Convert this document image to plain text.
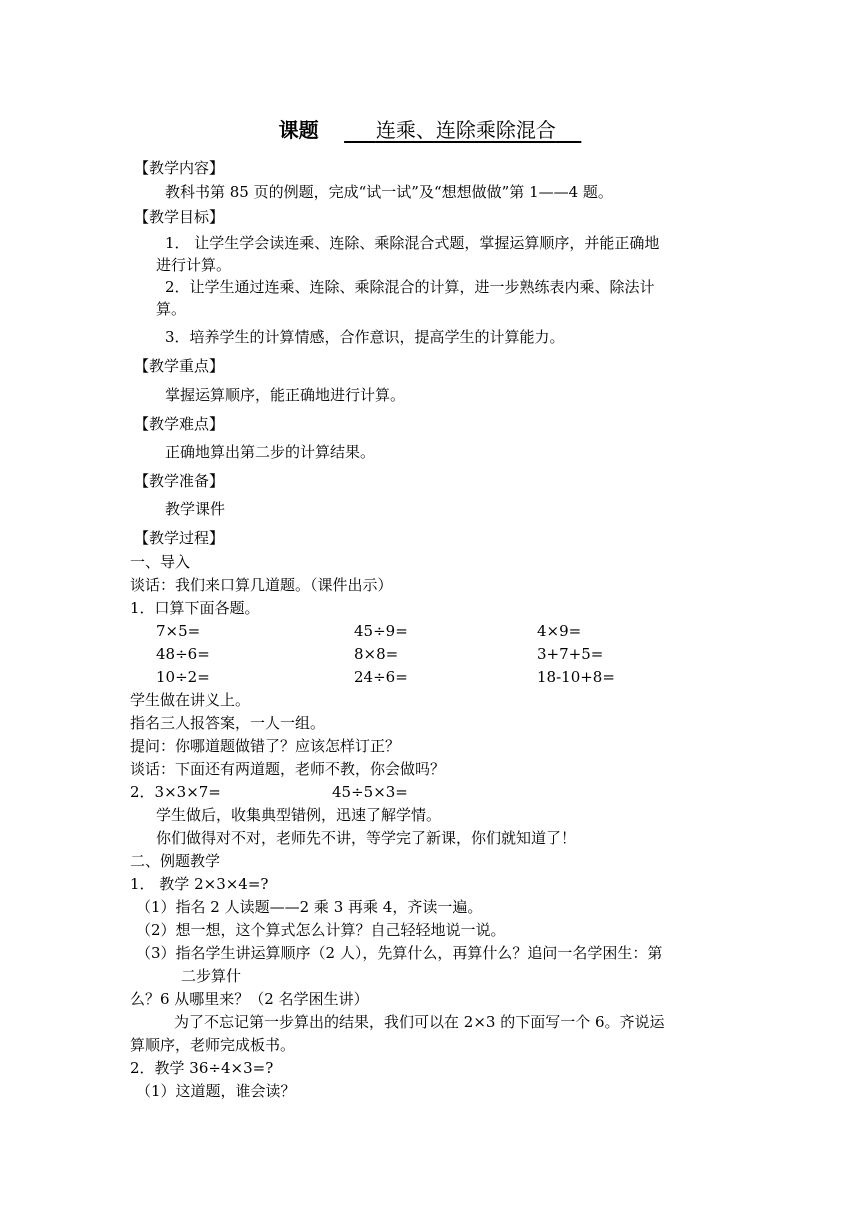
课题	连乘、连除乘除混合
【教学内容】
教科书第 85 页的例题，完成“试一试”及“想想做做”第 1——4 题。
【教学目标】
1． 让学生学会读连乘、连除、乘除混合式题，掌握运算顺序，并能正确地
进行计算。
2．让学生通过连乘、连除、乘除混合的计算，进一步熟练表内乘、除法计
算。
3．培养学生的计算情感，合作意识，提高学生的计算能力。
【教学重点】
掌握运算顺序，能正确地进行计算。
【教学难点】
正确地算出第二步的计算结果。
【教学准备】
教学课件
【教学过程】
一、导入
谈话：我们来口算几道题。（课件出示）
1．口算下面各题。
7×5=	45÷9=	4×9=
48÷6=	8×8=	3+7+5=
10÷2=	24÷6=	18-10+8=
学生做在讲义上。
指名三人报答案，一人一组。
提问：你哪道题做错了？应该怎样订正？
谈话：下面还有两道题，老师不教，你会做吗？
2．3×3×7=	45÷5×3=
学生做后，收集典型错例，迅速了解学情。
你们做得对不对，老师先不讲，等学完了新课，你们就知道了！
二、例题教学
1． 教学 2×3×4=?
（1）指名 2 人读题——2 乘 3 再乘 4，齐读一遍。
（2）想一想，这个算式怎么计算？自己轻轻地说一说。
（3）指名学生讲运算顺序（2 人），先算什么，再算什么？追问一名学困生：第
二步算什
么？6 从哪里来？（2 名学困生讲）
为了不忘记第一步算出的结果，我们可以在 2×3 的下面写一个 6。齐说运
算顺序，老师完成板书。
2．教学 36÷4×3=?
（1）这道题，谁会读？
